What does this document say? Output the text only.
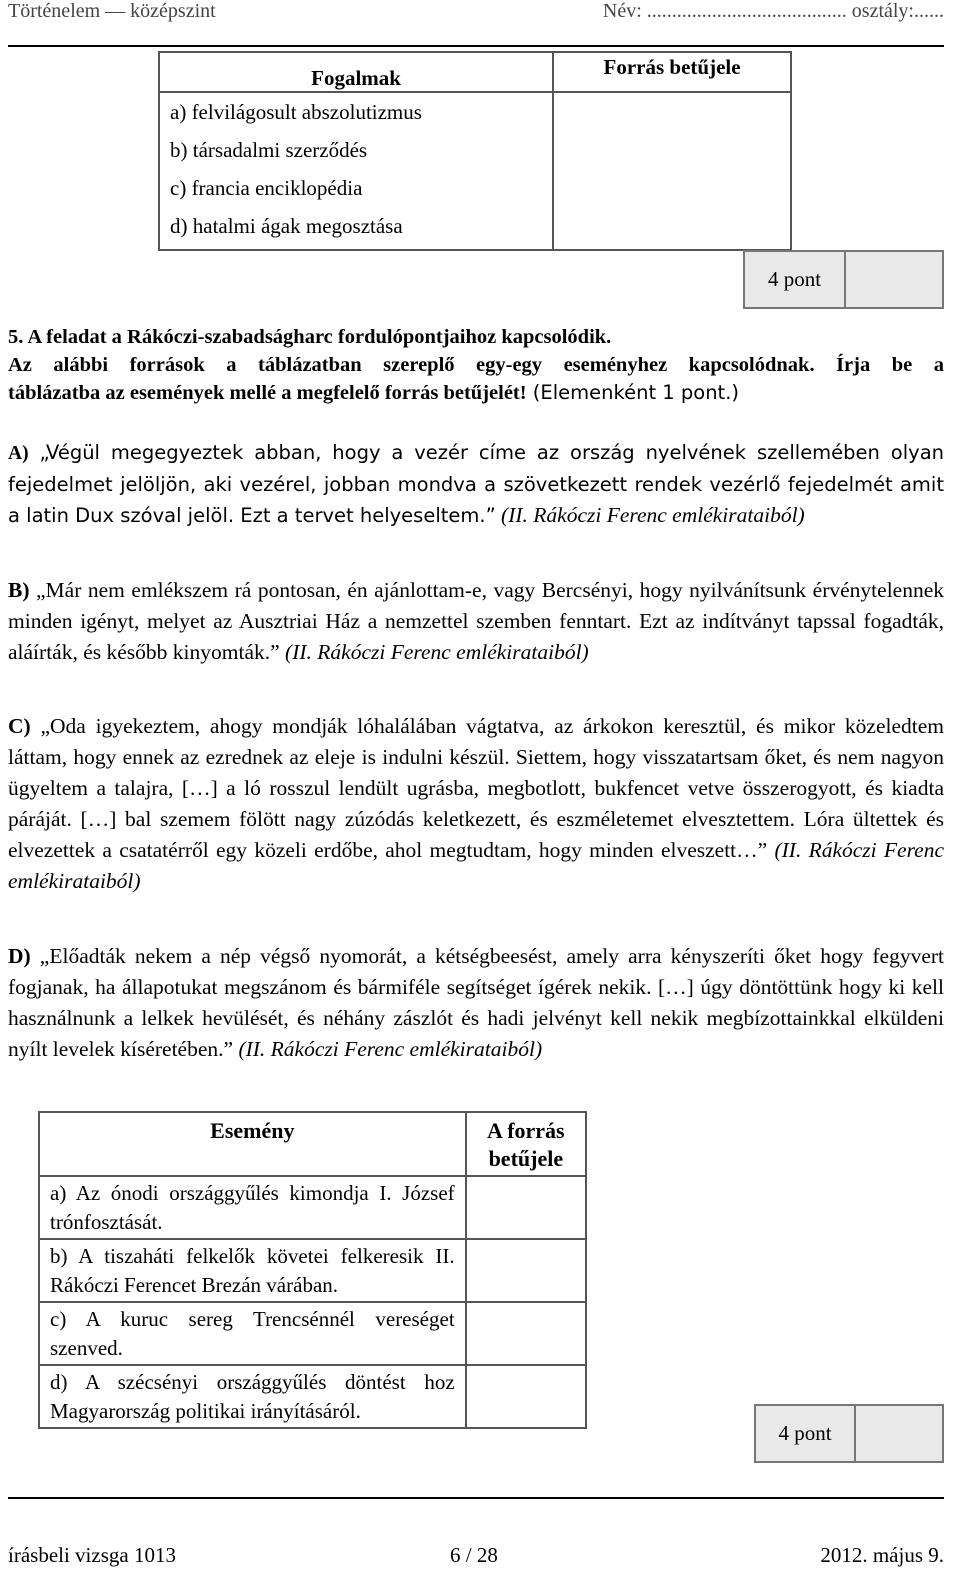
Történelem — középszint	Név: ........................................ osztály:......
Fogalmak	Forrás betűjele

a) felvilágosult abszolutizmus
b) társadalmi szerződés
c) francia enciklopédia
d) hatalmi ágak megosztása	

4 pont
5. A feladat a Rákóczi-szabadságharc fordulópontjaihoz kapcsolódik.
Az alábbi források a táblázatban szereplő egy-egy eseményhez kapcsolódnak. Írja be a
táblázatba az események mellé a megfelelő forrás betűjelét! (Elemenként 1 pont.)
A) „Végül megegyeztek abban, hogy a vezér címe az ország nyelvének szellemében olyan fejedelmet jelöljön, aki vezérel, jobban mondva a szövetkezett rendek vezérlő fejedelmét amit a latin Dux szóval jelöl. Ezt a tervet helyeseltem.” (II. Rákóczi Ferenc emlékirataiból)
B) „Már nem emlékszem rá pontosan, én ajánlottam-e, vagy Bercsényi, hogy nyilvánítsunk érvénytelennek minden igényt, melyet az Ausztriai Ház a nemzettel szemben fenntart. Ezt az indítványt tapssal fogadták, aláírták, és később kinyomták.” (II. Rákóczi Ferenc emlékirataiból)
C) „Oda igyekeztem, ahogy mondják lóhalálában vágtatva, az árkokon keresztül, és mikor közeledtem láttam, hogy ennek az ezrednek az eleje is indulni készül. Siettem, hogy visszatartsam őket, és nem nagyon ügyeltem a talajra, […] a ló rosszul lendült ugrásba, megbotlott, bukfencet vetve összerogyott, és kiadta páráját. […] bal szemem fölött nagy zúzódás keletkezett, és eszméletemet elvesztettem. Lóra ültettek és elvezettek a csatatérről egy közeli erdőbe, ahol megtudtam, hogy minden elveszett…” (II. Rákóczi Ferenc emlékirataiból)
D) „Előadták nekem a nép végső nyomorát, a kétségbeesést, amely arra kényszeríti őket hogy fegyvert fogjanak, ha állapotukat megszánom és bármiféle segítséget ígérek nekik. […] úgy döntöttünk hogy ki kell használnunk a lelkek hevülését, és néhány zászlót és hadi jelvényt kell nekik megbízottainkkal elküldeni nyílt levelek kíséretében.” (II. Rákóczi Ferenc emlékirataiból)
Esemény	A forrás
betűjele

a) Az ónodi országgyűlés kimondja I. József trónfosztását.	
b) A tiszaháti felkelők követei felkeresik II. Rákóczi Ferencet Brezán várában.	
c) A kuruc sereg Trencsénnél vereséget szenved.	
d) A szécsényi országgyűlés döntést hoz Magyarország politikai irányításáról.	
4 pont
írásbeli vizsga 1013	6 / 28	2012. május 9.
